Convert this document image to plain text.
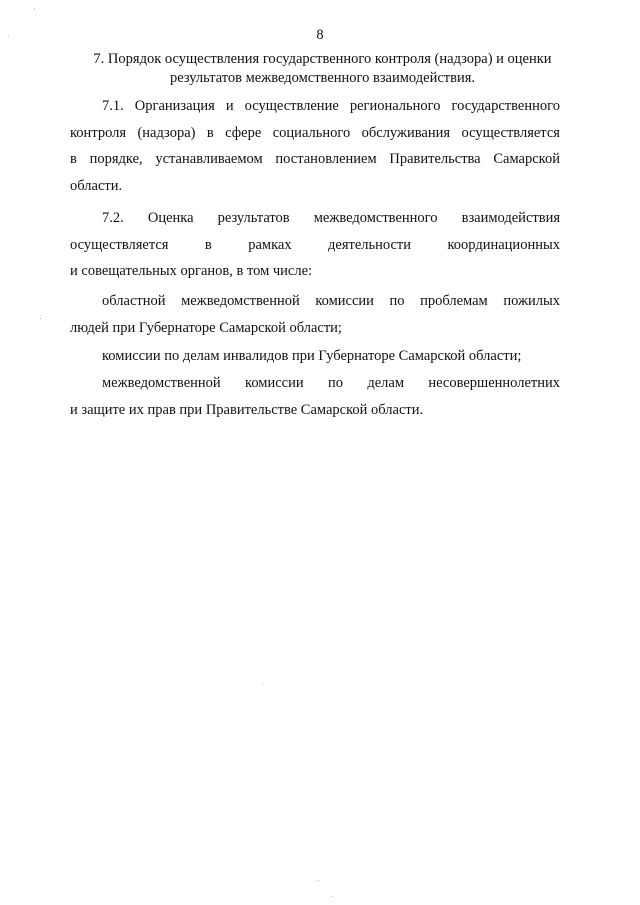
8
7. Порядок осуществления государственного контроля (надзора) и оценки
результатов межведомственного взаимодействия.
7.1. Организация и осуществление регионального государственного
контроля (надзора) в сфере социального обслуживания осуществляется
в порядке, устанавливаемом постановлением Правительства Самарской
области.
7.2. Оценка результатов межведомственного взаимодействия
осуществляется	в	рамках	деятельности	координационных
и совещательных органов, в том числе:
областной межведомственной комиссии по проблемам пожилых
людей при Губернаторе Самарской области;
комиссии по делам инвалидов при Губернаторе Самарской области;
межведомственной комиссии по делам несовершеннолетних
и защите их прав при Правительстве Самарской области.
